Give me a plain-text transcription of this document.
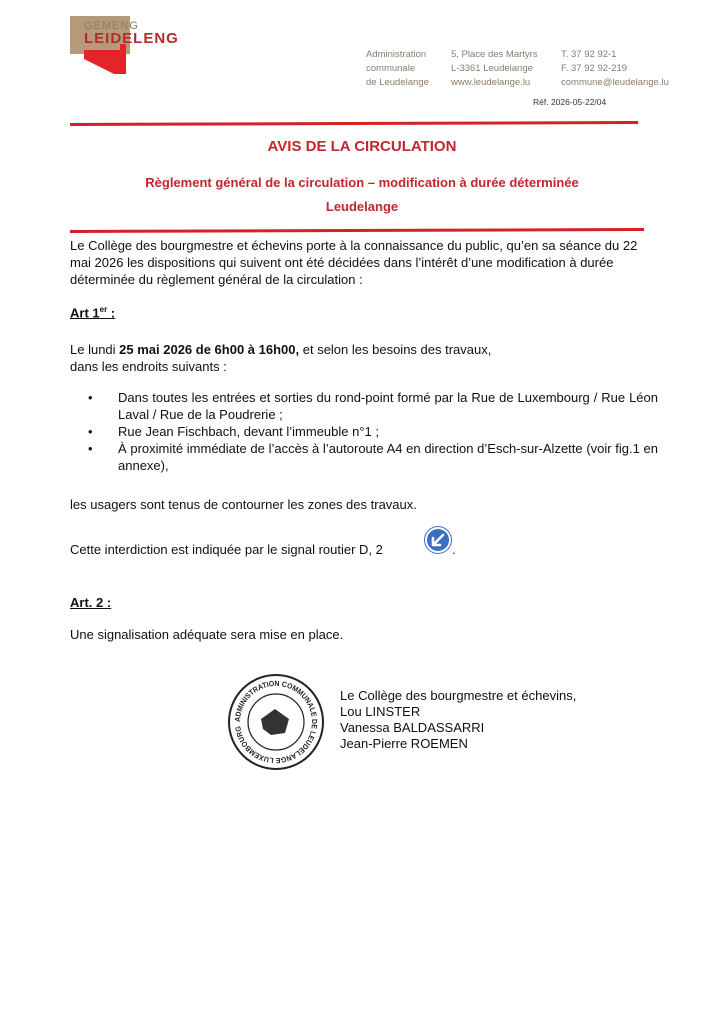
GEMENG
LEIDELENG
Administration
communale
de Leudelange
5, Place des Martyrs
L-3361 Leudelange
www.leudelange.lu
T. 37 92 92-1
F. 37 92 92-219
commune@leudelange.lu
Réf. 2026-05-22/04
AVIS DE LA CIRCULATION
Règlement général de la circulation – modification à durée déterminée
Leudelange
Le Collège des bourgmestre et échevins porte à la connaissance du public, qu’en sa séance du 22 mai 2026 les dispositions qui suivent ont été décidées dans l’intérêt d’une modification à durée déterminée du règlement général de la circulation :
Art 1er :
Le lundi 25 mai 2026 de 6h00 à 16h00, et selon les besoins des travaux,
dans les endroits suivants :
• Dans toutes les entrées et sorties du rond-point formé par la Rue de Luxembourg / Rue Léon Laval / Rue de la Poudrerie ;
• Rue Jean Fischbach, devant l’immeuble n°1 ;
• À proximité immédiate de l’accès à l’autoroute A4 en direction d’Esch-sur-Alzette (voir fig.1 en annexe),
les usagers sont tenus de contourner les zones des travaux.
Cette interdiction est indiquée par le signal routier D, 2	.
Art. 2 :
Une signalisation adéquate sera mise en place.
ADMINISTRATION COMMUNALE DE LEUDELANGE LUXEMBOURG
Le Collège des bourgmestre et échevins,
Lou LINSTER
Vanessa BALDASSARRI
Jean-Pierre ROEMEN
